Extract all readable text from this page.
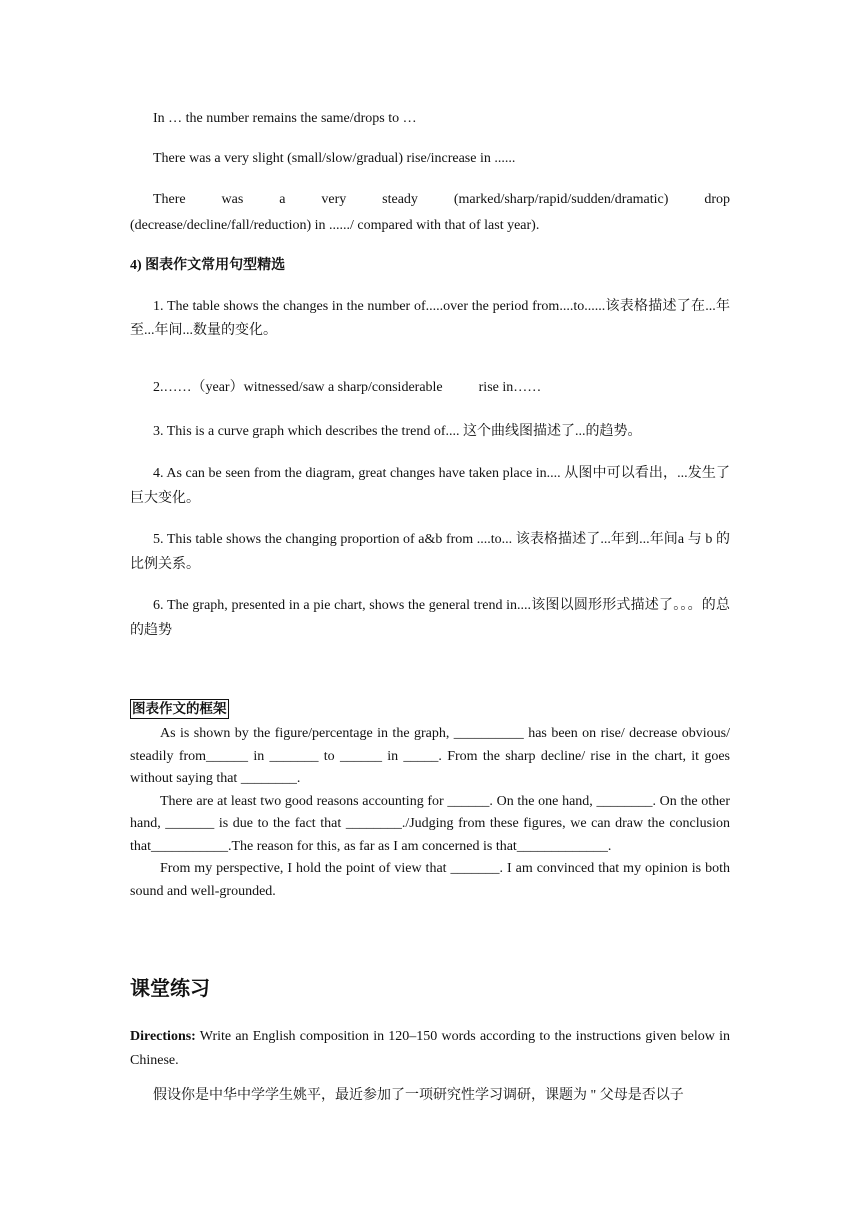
In … the number remains the same/drops to …

There was a very slight (small/slow/gradual) rise/increase in ......

There was a very steady (marked/sharp/rapid/sudden/dramatic) drop

(decrease/decline/fall/reduction) in ....../ compared with that of last year).

4) 图表作文常用句型精选

1. The table shows the changes in the number of.....over the period from....to......该表格描述了在...年至...年间...数量的变化。

2.……（year）witnessed/saw a sharp/considerable	rise in……

3. This is a curve graph which describes the trend of.... 这个曲线图描述了...的趋势。

4. As can be seen from the diagram, great changes have taken place in.... 从图中可以看出，...发生了巨大变化。

5. This table shows the changing proportion of a&b from ....to... 该表格描述了...年到...年间a 与 b 的比例关系。

6. The graph, presented in a pie chart, shows the general trend in....该图以圆形形式描述了。。。的总的趋势

图表作文的框架

As is shown by the figure/percentage in the graph, __________ has been on rise/ decrease obvious/ steadily from______ in _______ to ______ in _____. From the sharp decline/ rise in the chart, it goes without saying that ________.

There are at least two good reasons accounting for ______. On the one hand, ________. On the other hand, _______ is due to the fact that ________./Judging from these figures, we can draw the conclusion that___________.The reason for this, as far as I am concerned is that_____________.

From my perspective, I hold the point of view that _______. I am convinced that my opinion is both sound and well-grounded.

课堂练习

Directions: Write an English composition in 120–150 words according to the instructions given below in Chinese.

假设你是中华中学学生姚平，最近参加了一项研究性学习调研，课题为 " 父母是否以子
